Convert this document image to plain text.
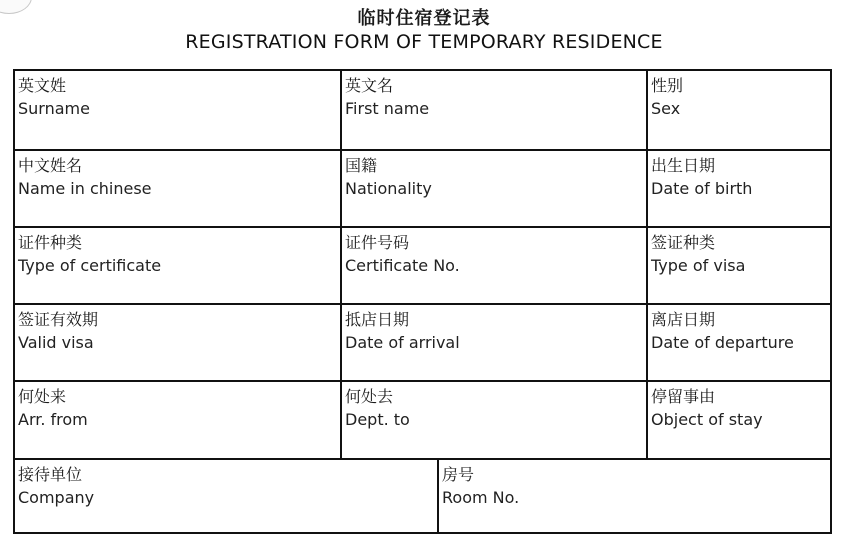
临时住宿登记表
REGISTRATION FORM OF TEMPORARY RESIDENCE
英文姓
Surname
英文名
First name
性别
Sex
中文姓名
Name in chinese
国籍
Nationality
出生日期
Date of birth
证件种类
Type of certificate
证件号码
Certificate No.
签证种类
Type of visa
签证有效期
Valid visa
抵店日期
Date of arrival
离店日期
Date of departure
何处来
Arr. from
何处去
Dept. to
停留事由
Object of stay
接待单位
Company
房号
Room No.
